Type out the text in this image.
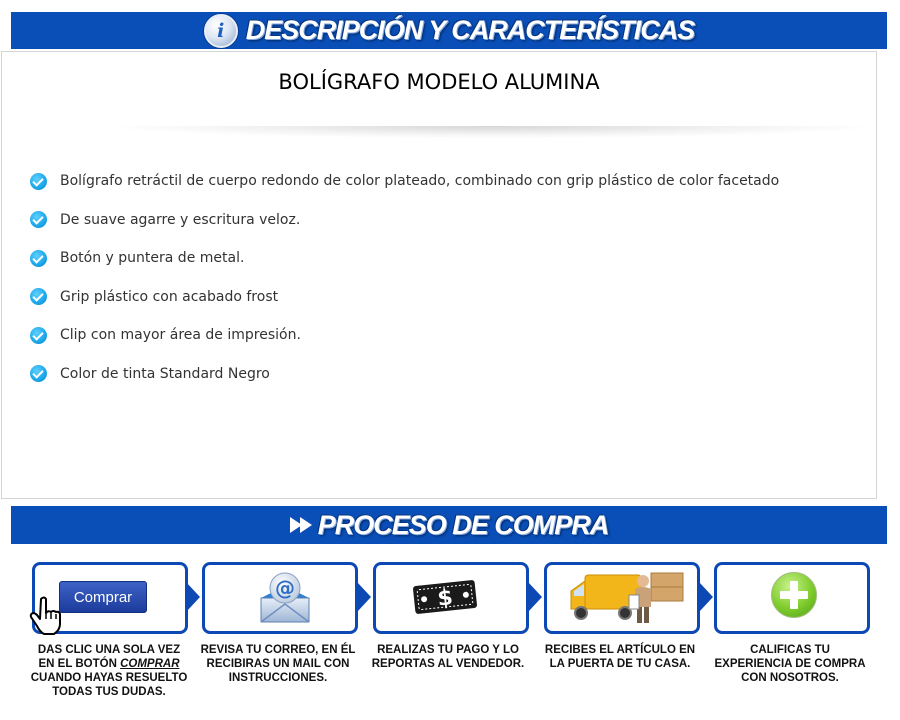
i DESCRIPCIÓN Y CARACTERÍSTICAS
BOLÍGRAFO MODELO ALUMINA
Bolígrafo retráctil de cuerpo redondo de color plateado, combinado con grip plástico de color facetado
De suave agarre y escritura veloz.
Botón y puntera de metal.
Grip plástico con acabado frost
Clip con mayor área de impresión.
Color de tinta Standard Negro
PROCESO DE COMPRA
Comprar	@	$
DAS CLIC UNA SOLA VEZ EN EL BOTÓN COMPRAR CUANDO HAYAS RESUELTO TODAS TUS DUDAS.
REVISA TU CORREO, EN ÉL RECIBIRAS UN MAIL CON INSTRUCCIONES.
REALIZAS TU PAGO Y LO REPORTAS AL VENDEDOR.
RECIBES EL ARTÍCULO EN LA PUERTA DE TU CASA.
CALIFICAS TU EXPERIENCIA DE COMPRA CON NOSOTROS.
